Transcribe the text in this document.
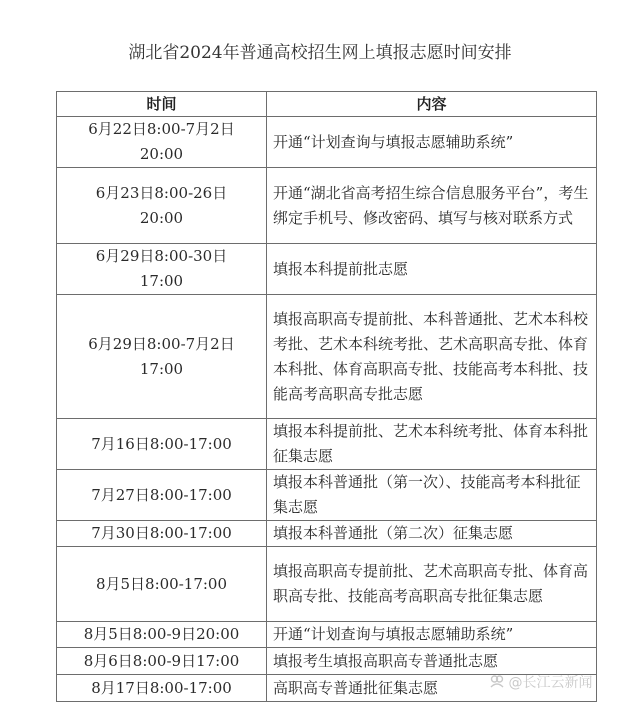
湖北省2024年普通高校招生网上填报志愿时间安排
时间	内容
6月22日8:00-7月2日
20:00	开通“计划查询与填报志愿辅助系统”
6月23日8:00-26日
20:00	开通“湖北省高考招生综合信息服务平台”，考生绑定手机号、修改密码、填写与核对联系方式
6月29日8:00-30日
17:00	填报本科提前批志愿
6月29日8:00-7月2日
17:00	填报高职高专提前批、本科普通批、艺术本科校考批、艺术本科统考批、艺术高职高专批、体育本科批、体育高职高专批、技能高考本科批、技能高考高职高专批志愿
7月16日8:00-17:00	填报本科提前批、艺术本科统考批、体育本科批征集志愿
7月27日8:00-17:00	填报本科普通批（第一次）、技能高考本科批征集志愿
7月30日8:00-17:00	填报本科普通批（第二次）征集志愿
8月5日8:00-17:00	填报高职高专提前批、艺术高职高专批、体育高职高专批、技能高考高职高专批征集志愿
8月5日8:00-9日20:00	开通“计划查询与填报志愿辅助系统”
8月6日8:00-9日17:00	填报考生填报高职高专普通批志愿
8月17日8:00-17:00	高职高专普通批征集志愿	@长江云新闻
